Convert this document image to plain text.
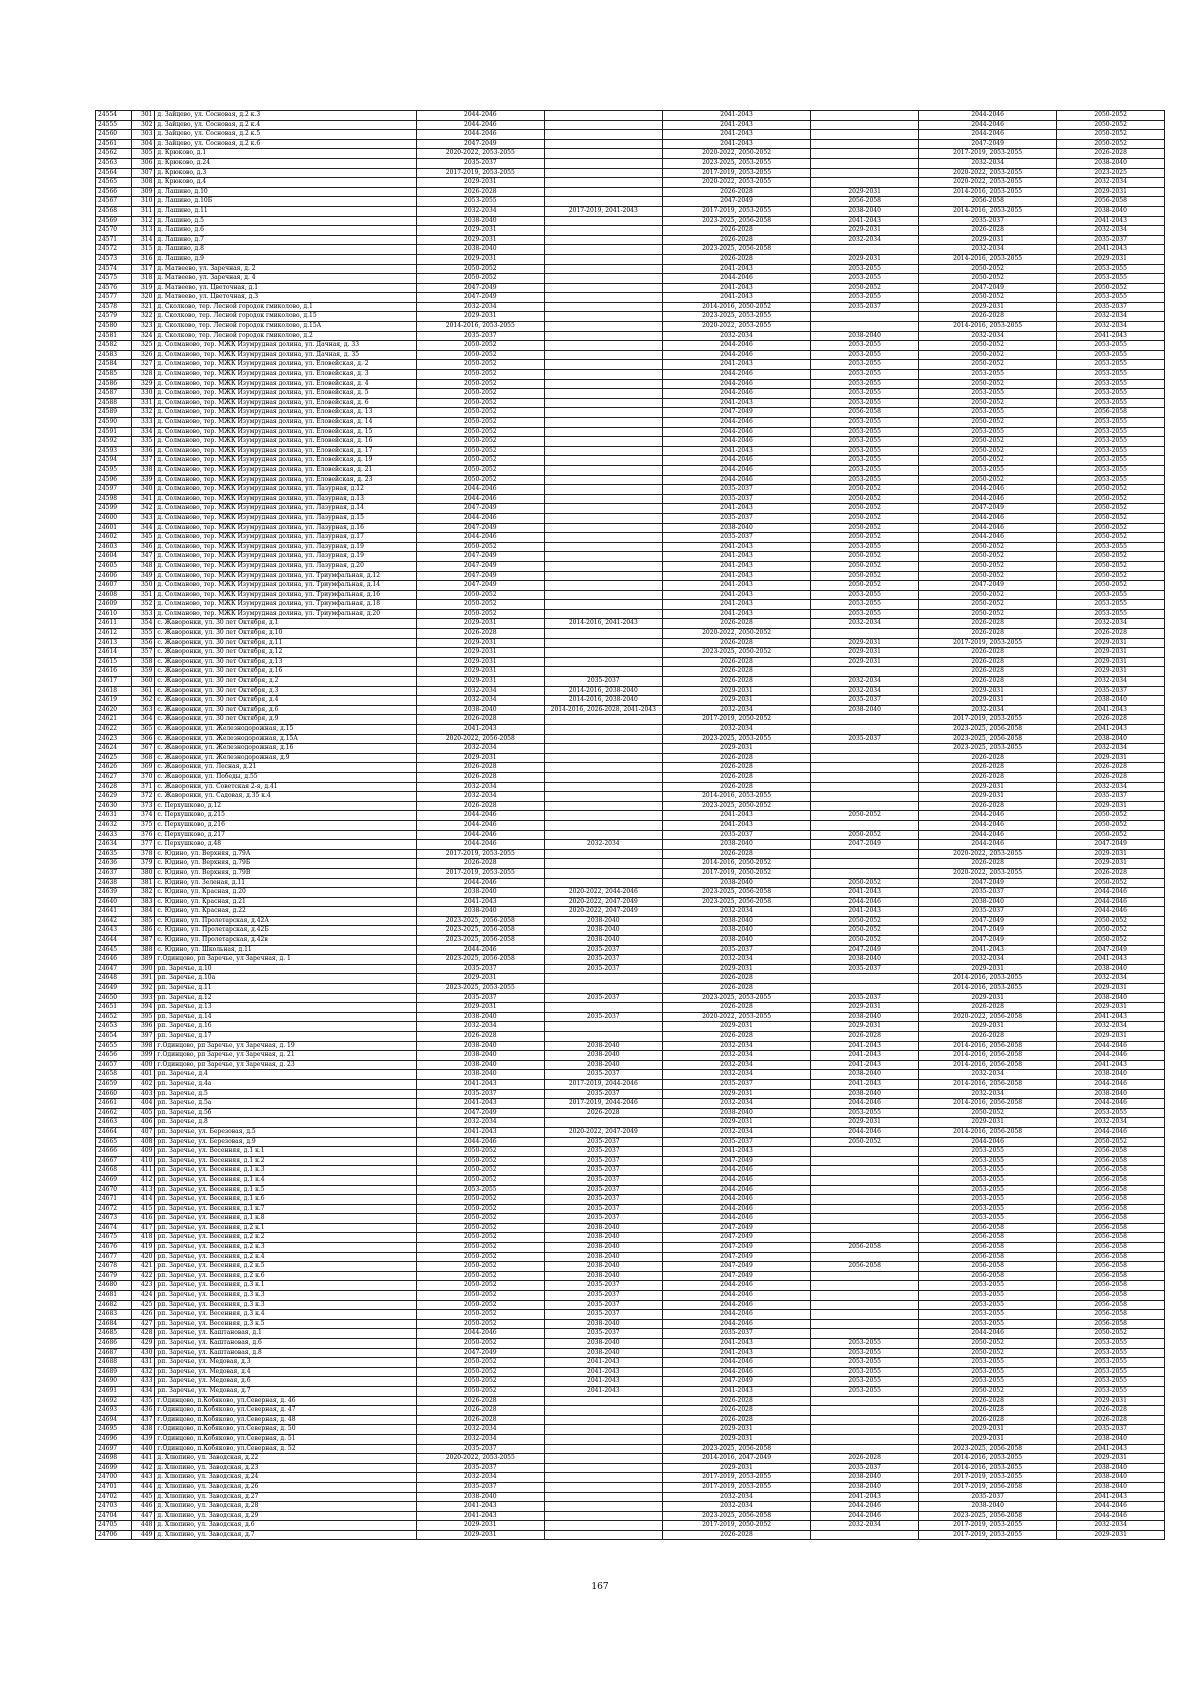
24554	301	д. Зайцево, ул. Сосновая, д.2 к.3	2044-2046		2041-2043		2044-2046	2050-2052
24555	302	д. Зайцево, ул. Сосновая, д.2 к.4	2044-2046		2041-2043		2044-2046	2050-2052
24560	303	д. Зайцево, ул. Сосновая, д.2 к.5	2044-2046		2041-2043		2044-2046	2050-2052
24561	304	д. Зайцево, ул. Сосновая, д.2 к.6	2047-2049		2041-2043		2047-2049	2050-2052
24562	305	д. Крюково, д.1	2020-2022, 2053-2055		2020-2022, 2050-2052		2017-2019, 2053-2055	2026-2028
24563	306	д. Крюково, д.24	2035-2037		2023-2025, 2053-2055		2032-2034	2038-2040
24564	307	д. Крюково, д.3	2017-2019, 2053-2055		2017-2019, 2053-2055		2020-2022, 2053-2055	2023-2025
24565	308	д. Крюково, д.4	2029-2031		2020-2022, 2053-2055		2020-2022, 2053-2055	2032-2034
24566	309	д. Лашино, д.10	2026-2028		2026-2028	2029-2031	2014-2016, 2053-2055	2029-2031
24567	310	д. Лашино, д.10Б	2053-2055		2047-2049	2056-2058	2056-2058	2056-2058
24568	311	д. Лашино, д.11	2032-2034	2017-2019, 2041-2043	2017-2019, 2053-2055	2038-2040	2014-2016, 2053-2055	2038-2040
24569	312	д. Лашино, д.5	2038-2040		2023-2025, 2056-2058	2041-2043	2035-2037	2041-2043
24570	313	д. Лашино, д.6	2029-2031		2026-2028	2029-2031	2026-2028	2032-2034
24571	314	д. Лашино, д.7	2029-2031		2026-2028	2032-2034	2029-2031	2035-2037
24572	315	д. Лашино, д.8	2038-2040		2023-2025, 2056-2058		2032-2034	2041-2043
24573	316	д. Лашино, д.9	2029-2031		2026-2028	2029-2031	2014-2016, 2053-2055	2029-2031
24574	317	д. Матвеево, ул. Заречная, д. 2	2050-2052		2041-2043	2053-2055	2050-2052	2053-2055
24575	318	д. Матвеево, ул. Заречная, д. 4	2050-2052		2044-2046	2053-2055	2050-2052	2053-2055
24576	319	д. Матвеево, ул. Цветочная, д.1	2047-2049		2041-2043	2050-2052	2047-2049	2050-2052
24577	320	д. Матвеево, ул. Цветочная, д.3	2047-2049		2041-2043	2053-2055	2050-2052	2053-2055
24578	321	д. Сколково, тер. Лесной городок гмиколово, д.1	2032-2034		2014-2016, 2050-2052	2035-2037	2029-2031	2035-2037
24579	322	д. Сколково, тер. Лесной городок гмиколово, д.15	2029-2031		2023-2025, 2053-2055		2026-2028	2032-2034
24580	323	д. Сколково, тер. Лесной городок гмиколово, д.15А	2014-2016, 2053-2055		2020-2022, 2053-2055		2014-2016, 2053-2055	2032-2034
24581	324	д. Сколково, тер. Лесной городок гмиколово, д.2	2035-2037		2032-2034	2038-2040	2032-2034	2041-2043
24582	325	д. Солманово, тер. МЖК Изумрудная долина, ул. Дачная, д. 33	2050-2052		2044-2046	2053-2055	2050-2052	2053-2055
24583	326	д. Солманово, тер. МЖК Изумрудная долина, ул. Дачная, д. 35	2050-2052		2044-2046	2053-2055	2050-2052	2053-2055
24584	327	д. Солманово, тер. МЖК Изумрудная долина, ул. Еловейская, д. 2	2050-2052		2041-2043	2053-2055	2050-2052	2053-2055
24585	328	д. Солманово, тер. МЖК Изумрудная долина, ул. Еловейская, д. 3	2050-2052		2044-2046	2053-2055	2053-2055	2053-2055
24586	329	д. Солманово, тер. МЖК Изумрудная долина, ул. Еловейская, д. 4	2050-2052		2044-2046	2053-2055	2050-2052	2053-2055
24587	330	д. Солманово, тер. МЖК Изумрудная долина, ул. Еловейская, д. 5	2050-2052		2044-2046	2053-2055	2053-2055	2053-2055
24588	331	д. Солманово, тер. МЖК Изумрудная долина, ул. Еловейская, д. 6	2050-2052		2041-2043	2053-2055	2050-2052	2053-2055
24589	332	д. Солманово, тер. МЖК Изумрудная долина, ул. Еловейская, д. 13	2050-2052		2047-2049	2056-2058	2053-2055	2056-2058
24590	333	д. Солманово, тер. МЖК Изумрудная долина, ул. Еловейская, д. 14	2050-2052		2044-2046	2053-2055	2050-2052	2053-2055
24591	334	д. Солманово, тер. МЖК Изумрудная долина, ул. Еловейская, д. 15	2050-2052		2044-2046	2053-2055	2053-2055	2053-2055
24592	335	д. Солманово, тер. МЖК Изумрудная долина, ул. Еловейская, д. 16	2050-2052		2044-2046	2053-2055	2050-2052	2053-2055
24593	336	д. Солманово, тер. МЖК Изумрудная долина, ул. Еловейская, д. 17	2050-2052		2041-2043	2053-2055	2050-2052	2053-2055
24594	337	д. Солманово, тер. МЖК Изумрудная долина, ул. Еловейская, д. 19	2050-2052		2044-2046	2053-2055	2050-2052	2053-2055
24595	338	д. Солманово, тер. МЖК Изумрудная долина, ул. Еловейская, д. 21	2050-2052		2044-2046	2053-2055	2053-2055	2053-2055
24596	339	д. Солманово, тер. МЖК Изумрудная долина, ул. Еловейская, д. 23	2050-2052		2044-2046	2053-2055	2050-2052	2053-2055
24597	340	д. Солманово, тер. МЖК Изумрудная долина, ул. Лазурная, д.12	2044-2046		2035-2037	2050-2052	2044-2046	2050-2052
24598	341	д. Солманово, тер. МЖК Изумрудная долина, ул. Лазурная, д.13	2044-2046		2035-2037	2050-2052	2044-2046	2050-2052
24599	342	д. Солманово, тер. МЖК Изумрудная долина, ул. Лазурная, д.14	2047-2049		2041-2043	2050-2052	2047-2049	2050-2052
24600	343	д. Солманово, тер. МЖК Изумрудная долина, ул. Лазурная, д.15	2044-2046		2035-2037	2050-2052	2044-2046	2050-2052
24601	344	д. Солманово, тер. МЖК Изумрудная долина, ул. Лазурная, д.16	2047-2049		2038-2040	2050-2052	2044-2046	2050-2052
24602	345	д. Солманово, тер. МЖК Изумрудная долина, ул. Лазурная, д.17	2044-2046		2035-2037	2050-2052	2044-2046	2050-2052
24603	346	д. Солманово, тер. МЖК Изумрудная долина, ул. Лазурная, д.19	2050-2052		2041-2043	2053-2055	2050-2052	2053-2055
24604	347	д. Солманово, тер. МЖК Изумрудная долина, ул. Лазурная, д.19	2047-2049		2041-2043	2050-2052	2050-2052	2050-2052
24605	348	д. Солманово, тер. МЖК Изумрудная долина, ул. Лазурная, д.20	2047-2049		2041-2043	2050-2052	2050-2052	2050-2052
24606	349	д. Солманово, тер. МЖК Изумрудная долина, ул. Триумфальная, д.12	2047-2049		2041-2043	2050-2052	2050-2052	2050-2052
24607	350	д. Солманово, тер. МЖК Изумрудная долина, ул. Триумфальная, д.14	2047-2049		2041-2043	2050-2052	2047-2049	2050-2052
24608	351	д. Солманово, тер. МЖК Изумрудная долина, ул. Триумфальная, д.16	2050-2052		2041-2043	2053-2055	2050-2052	2053-2055
24609	352	д. Солманово, тер. МЖК Изумрудная долина, ул. Триумфальная, д.18	2050-2052		2041-2043	2053-2055	2050-2052	2053-2055
24610	353	д. Солманово, тер. МЖК Изумрудная долина, ул. Триумфальная, д.20	2050-2052		2041-2043	2053-2055	2050-2052	2053-2055
24611	354	с. Жаворонки, ул. 30 лет Октября, д.1	2029-2031	2014-2016, 2041-2043	2026-2028	2032-2034	2026-2028	2032-2034
24612	355	с. Жаворонки, ул. 30 лет Октября, д.10	2026-2028		2020-2022, 2050-2052		2026-2028	2026-2028
24613	356	с. Жаворонки, ул. 30 лет Октября, д.11	2029-2031		2026-2028	2029-2031	2017-2019, 2053-2055	2029-2031
24614	357	с. Жаворонки, ул. 30 лет Октября, д.12	2029-2031		2023-2025, 2050-2052	2029-2031	2026-2028	2029-2031
24615	358	с. Жаворонки, ул. 30 лет Октября, д.13	2029-2031		2026-2028	2029-2031	2026-2028	2029-2031
24616	359	с. Жаворонки, ул. 30 лет Октября, д.16	2029-2031		2026-2028		2026-2028	2029-2031
24617	360	с. Жаворонки, ул. 30 лет Октября, д.2	2029-2031	2035-2037	2026-2028	2032-2034	2026-2028	2032-2034
24618	361	с. Жаворонки, ул. 30 лет Октября, д.3	2032-2034	2014-2016, 2038-2040	2029-2031	2032-2034	2029-2031	2035-2037
24619	362	с. Жаворонки, ул. 30 лет Октября, д.4	2032-2034	2014-2016, 2038-2040	2029-2031	2035-2037	2029-2031	2038-2040
24620	363	с. Жаворонки, ул. 30 лет Октября, д.6	2038-2040	2014-2016, 2026-2028, 2041-2043	2032-2034	2038-2040	2032-2034	2041-2043
24621	364	с. Жаворонки, ул. 30 лет Октября, д.9	2026-2028		2017-2019, 2050-2052		2017-2019, 2053-2055	2026-2028
24622	365	с. Жаворонки, ул. Железнодорожная, д.15	2041-2043		2032-2034		2023-2025, 2056-2058	2041-2043
24623	366	с. Жаворонки, ул. Железнодорожная, д.15А	2020-2022, 2056-2058		2023-2025, 2053-2055	2035-2037	2023-2025, 2056-2058	2038-2040
24624	367	с. Жаворонки, ул. Железнодорожная, д.16	2032-2034		2029-2031		2023-2025, 2053-2055	2032-2034
24625	368	с. Жаворонки, ул. Железнодорожная, д.9	2029-2031		2026-2028		2026-2028	2029-2031
24626	369	с. Жаворонки, ул. Лесная, д.21	2026-2028		2026-2028		2026-2028	2026-2028
24627	370	с. Жаворонки, ул. Победы, д.55	2026-2028		2026-2028		2026-2028	2026-2028
24628	371	с. Жаворонки, ул. Советская 2-я, д.41	2032-2034		2026-2028		2029-2031	2032-2034
24629	372	с. Жаворонки, ул. Садовая, д.35 к.4	2032-2034		2014-2016, 2053-2055		2029-2031	2035-2037
24630	373	с. Перхушково, д.12	2026-2028		2023-2025, 2050-2052		2026-2028	2029-2031
24631	374	с. Перхушково, д.215	2044-2046		2041-2043	2050-2052	2044-2046	2050-2052
24632	375	с. Перхушково, д.216	2044-2046		2041-2043		2044-2046	2050-2052
24633	376	с. Перхушково, д.217	2044-2046		2035-2037	2050-2052	2044-2046	2050-2052
24634	377	с. Перхушково, д.48	2044-2046	2032-2034	2038-2040	2047-2049	2044-2046	2047-2049
24635	378	с. Юдино, ул. Верхняя, д.79А	2017-2019, 2053-2055		2026-2028		2020-2022, 2053-2055	2029-2031
24636	379	с. Юдино, ул. Верхняя, д.79Б	2026-2028		2014-2016, 2050-2052		2026-2028	2029-2031
24637	380	с. Юдино, ул. Верхняя, д.79В	2017-2019, 2053-2055		2017-2019, 2050-2052		2020-2022, 2053-2055	2026-2028
24638	381	с. Юдино, ул. Зеленая, д.11	2044-2046		2038-2040	2050-2052	2047-2049	2050-2052
24639	382	с. Юдино, ул. Красная, д.20	2038-2040	2020-2022, 2044-2046	2023-2025, 2056-2058	2041-2043	2035-2037	2044-2046
24640	383	с. Юдино, ул. Красная, д.21	2041-2043	2020-2022, 2047-2049	2023-2025, 2056-2058	2044-2046	2038-2040	2044-2046
24641	384	с. Юдино, ул. Красная, д.22	2038-2040	2020-2022, 2047-2049	2032-2034	2041-2043	2035-2037	2044-2046
24642	385	с. Юдино, ул. Пролетарская, д.42А	2023-2025, 2056-2058	2038-2040	2038-2040	2050-2052	2047-2049	2050-2052
24643	386	с. Юдино, ул. Пролетарская, д.42Б	2023-2025, 2056-2058	2038-2040	2038-2040	2050-2052	2047-2049	2050-2052
24644	387	с. Юдино, ул. Пролетарская, д.42в	2023-2025, 2056-2058	2038-2040	2038-2040	2050-2052	2047-2049	2050-2052
24645	388	с. Юдино, ул. Школьная, д.11	2044-2046	2035-2037	2035-2037	2047-2049	2041-2043	2047-2049
24646	389	г.Одинцово, рп Заречье, ул Заречная, д. 1	2023-2025, 2056-2058	2035-2037	2032-2034	2038-2040	2032-2034	2041-2043
24647	390	рп. Заречье, д.10	2035-2037	2035-2037	2029-2031	2035-2037	2029-2031	2038-2040
24648	391	рп. Заречье, д.10а	2029-2031		2026-2028		2014-2016, 2053-2055	2032-2034
24649	392	рп. Заречье, д.11	2023-2025, 2053-2055		2026-2028		2014-2016, 2053-2055	2029-2031
24650	393	рп. Заречье, д.12	2035-2037	2035-2037	2023-2025, 2053-2055	2035-2037	2029-2031	2038-2040
24651	394	рп. Заречье, д.13	2029-2031		2026-2028	2029-2031	2026-2028	2029-2031
24652	395	рп. Заречье, д.14	2038-2040	2035-2037	2020-2022, 2053-2055	2038-2040	2020-2022, 2056-2058	2041-2043
24653	396	рп. Заречье, д.16	2032-2034		2029-2031	2029-2031	2029-2031	2032-2034
24654	397	рп. Заречье, д.17	2026-2028		2026-2028	2026-2028	2026-2028	2029-2031
24655	398	г.Одинцово, рп Заречье, ул Заречная, д. 19	2038-2040	2038-2040	2032-2034	2041-2043	2014-2016, 2056-2058	2044-2046
24656	399	г.Одинцово, рп Заречье, ул Заречная, д. 21	2038-2040	2038-2040	2032-2034	2041-2043	2014-2016, 2056-2058	2044-2046
24657	400	г.Одинцово, рп Заречье, ул Заречная, д. 23	2038-2040	2038-2040	2032-2034	2041-2043	2014-2016, 2056-2058	2041-2043
24658	401	рп. Заречье, д.4	2038-2040	2035-2037	2032-2034	2038-2040	2032-2034	2038-2040
24659	402	рп. Заречье, д.4а	2041-2043	2017-2019, 2044-2046	2035-2037	2041-2043	2014-2016, 2056-2058	2044-2046
24660	403	рп. Заречье, д.5	2035-2037	2035-2037	2029-2031	2038-2040	2032-2034	2038-2040
24661	404	рп. Заречье, д.5а	2041-2043	2017-2019, 2044-2046	2032-2034	2044-2046	2014-2016, 2056-2058	2044-2046
24662	405	рп. Заречье, д.5б	2047-2049	2026-2028	2038-2040	2053-2055	2050-2052	2053-2055
24663	406	рп. Заречье, д.8	2032-2034		2029-2031	2029-2031	2029-2031	2032-2034
24664	407	рп. Заречье, ул. Березовая, д.5	2041-2043	2020-2022, 2047-2049	2032-2034	2044-2046	2014-2016, 2056-2058	2044-2046
24665	408	рп. Заречье, ул. Березовая, д.9	2044-2046	2035-2037	2035-2037	2050-2052	2044-2046	2050-2052
24666	409	рп. Заречье, ул. Весенняя, д.1 к.1	2050-2052	2035-2037	2041-2043		2053-2055	2056-2058
24667	410	рп. Заречье, ул. Весенняя, д.1 к.2	2050-2052	2035-2037	2047-2049		2053-2055	2056-2058
24668	411	рп. Заречье, ул. Весенняя, д.1 к.3	2050-2052	2035-2037	2044-2046		2053-2055	2056-2058
24669	412	рп. Заречье, ул. Весенняя, д.1 к.4	2050-2052	2035-2037	2044-2046		2053-2055	2056-2058
24670	413	рп. Заречье, ул. Весенняя, д.1 к.5	2053-2055	2035-2037	2044-2046		2053-2055	2056-2058
24671	414	рп. Заречье, ул. Весенняя, д.1 к.6	2050-2052	2035-2037	2044-2046		2053-2055	2056-2058
24672	415	рп. Заречье, ул. Весенняя, д.1 к.7	2050-2052	2035-2037	2044-2046		2053-2055	2056-2058
24673	416	рп. Заречье, ул. Весенняя, д.1 к.8	2050-2052	2035-2037	2044-2046		2053-2055	2056-2058
24674	417	рп. Заречье, ул. Весенняя, д.2 к.1	2050-2052	2038-2040	2047-2049		2056-2058	2056-2058
24675	418	рп. Заречье, ул. Весенняя, д.2 к.2	2050-2052	2038-2040	2047-2049		2056-2058	2056-2058
24676	419	рп. Заречье, ул. Весенняя, д.2 к.3	2050-2052	2038-2040	2047-2049	2056-2058	2056-2058	2056-2058
24677	420	рп. Заречье, ул. Весенняя, д.2 к.4	2050-2052	2038-2040	2047-2049		2056-2058	2056-2058
24678	421	рп. Заречье, ул. Весенняя, д.2 к.5	2050-2052	2038-2040	2047-2049	2056-2058	2056-2058	2056-2058
24679	422	рп. Заречье, ул. Весенняя, д.2 к.6	2050-2052	2038-2040	2047-2049		2056-2058	2056-2058
24680	423	рп. Заречье, ул. Весенняя, д.3 к.1	2050-2052	2035-2037	2044-2046		2053-2055	2056-2058
24681	424	рп. Заречье, ул. Весенняя, д.3 к.3	2050-2052	2035-2037	2044-2046		2053-2055	2056-2058
24682	425	рп. Заречье, ул. Весенняя, д.3 к.3	2050-2052	2035-2037	2044-2046		2053-2055	2056-2058
24683	426	рп. Заречье, ул. Весенняя, д.3 к.4	2050-2052	2035-2037	2044-2046		2053-2055	2056-2058
24684	427	рп. Заречье, ул. Весенняя, д.3 к.5	2050-2052	2038-2040	2044-2046		2053-2055	2056-2058
24685	428	рп. Заречье, ул. Каштановая, д.1	2044-2046	2035-2037	2035-2037		2044-2046	2050-2052
24686	429	рп. Заречье, ул. Каштановая, д.6	2050-2052	2038-2040	2041-2043	2053-2055	2050-2052	2053-2055
24687	430	рп. Заречье, ул. Каштановая, д.8	2047-2049	2038-2040	2041-2043	2053-2055	2050-2052	2053-2055
24688	431	рп. Заречье, ул. Медовая, д.3	2050-2052	2041-2043	2044-2046	2053-2055	2053-2055	2053-2055
24689	432	рп. Заречье, ул. Медовая, д.4	2050-2052	2041-2043	2044-2046	2053-2055	2053-2055	2053-2055
24690	433	рп. Заречье, ул. Медовая, д.6	2050-2052	2041-2043	2047-2049	2053-2055	2053-2055	2053-2055
24691	434	рп. Заречье, ул. Медовая, д.7	2050-2052	2041-2043	2041-2043	2053-2055	2050-2052	2053-2055
24692	435	г.Одинцово, п.Кобяково, ул.Северная, д. 46	2026-2028		2026-2028		2026-2028	2029-2031
24693	436	г.Одинцово, п.Кобяково, ул.Северная, д. 47	2026-2028		2026-2028		2026-2028	2026-2028
24694	437	г.Одинцово, п.Кобяково, ул.Северная, д. 48	2026-2028		2026-2028		2026-2028	2026-2028
24695	438	г.Одинцово, п.Кобяково, ул.Северная, д. 50	2032-2034		2029-2031		2029-2031	2035-2037
24696	439	г.Одинцово, п.Кобяково, ул.Северная, д. 51	2032-2034		2029-2031		2029-2031	2038-2040
24697	440	г.Одинцово, п.Кобяково, ул.Северная, д. 52	2035-2037		2023-2025, 2056-2058		2023-2025, 2056-2058	2041-2043
24698	441	д. Хлюпино, ул. Заводская, д.22	2020-2022, 2053-2055		2014-2016, 2047-2049	2026-2028	2014-2016, 2053-2055	2029-2031
24699	442	д. Хлюпино, ул. Заводская, д.23	2035-2037		2029-2031	2035-2037	2014-2016, 2053-2055	2038-2040
24700	443	д. Хлюпино, ул. Заводская, д.24	2032-2034		2017-2019, 2053-2055	2038-2040	2017-2019, 2053-2055	2038-2040
24701	444	д. Хлюпино, ул. Заводская, д.26	2035-2037		2017-2019, 2053-2055	2038-2040	2017-2019, 2056-2058	2038-2040
24702	445	д. Хлюпино, ул. Заводская, д.27	2038-2040		2032-2034	2041-2043	2035-2037	2041-2043
24703	446	д. Хлюпино, ул. Заводская, д.28	2041-2043		2032-2034	2044-2046	2038-2040	2044-2046
24704	447	д. Хлюпино, ул. Заводская, д.29	2041-2043		2023-2025, 2056-2058	2044-2046	2023-2025, 2056-2058	2044-2046
24705	448	д. Хлюпино, ул. Заводская, д.6	2029-2031		2017-2019, 2050-2052	2032-2034	2017-2019, 2053-2055	2032-2034
24706	449	д. Хлюпино, ул. Заводская, д.7	2029-2031		2026-2028		2017-2019, 2053-2055	2029-2031
167
